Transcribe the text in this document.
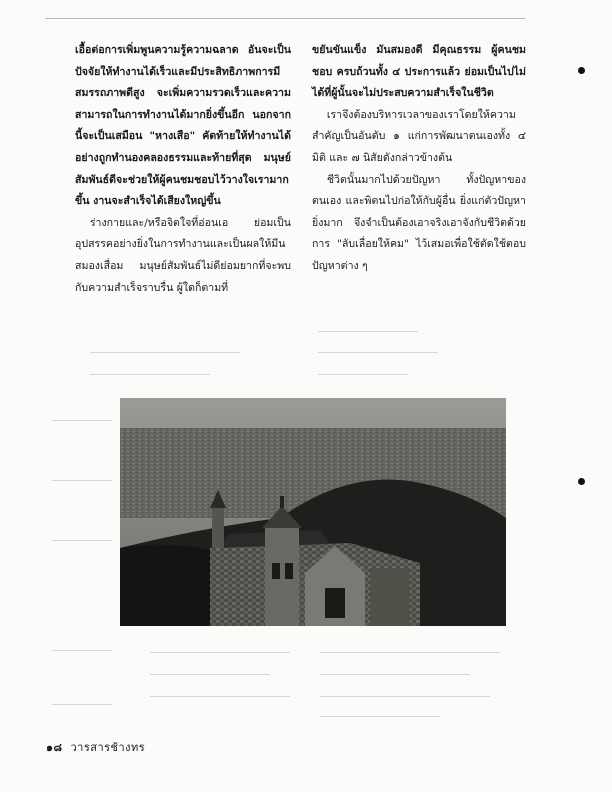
เอื้อต่อการเพิ่มพูนความรู้ความฉลาด อันจะเป็นปัจจัยให้ทำงานได้เร็วและมีประสิทธิภาพการมีสมรรถภาพดีสูง จะเพิ่มความรวดเร็วและความสามารถในการทำงานได้มากยิ่งขึ้นอีก นอกจากนี้จะเป็นเสมือน "หางเสือ" คัดท้ายให้ทำงานได้อย่างถูกทำนองคลองธรรมและท้ายที่สุด มนุษย์สัมพันธ์ดีจะช่วยให้ผู้คนชมชอบไว้วางใจเรามากขึ้น งานจะสำเร็จได้เสียงใหญ่ขึ้น

ร่างกายและ/หรือจิตใจที่อ่อนเอ ย่อมเป็นอุปสรรคอย่างยิ่งในการทำงานและเป็นผลให้มีนสมองเสื่อม มนุษย์สัมพันธ์ไม่ดีย่อมยากที่จะพบกับความสำเร็จราบรื่น ผู้ใดก็ตามที่

ขยันขันแข็ง มันสมองดี มีคุณธรรม ผู้คนชมชอบ ครบถ้วนทั้ง ๔ ประการแล้ว ย่อมเป็นไปไม่ได้ที่ผู้นั้นจะไม่ประสบความสำเร็จในชีวิต

เราจึงต้องบริหารเวลาของเราโดยให้ความสำคัญเป็นอันดับ ๑ แก่การพัฒนาตนเองทั้ง ๔ มิติ และ ๗ นิสัยดังกล่าวข้างต้น

ชีวิตนั้นมากไปด้วยปัญหา ทั้งปัญหาของตนเอง และพิตนไปก่อให้กับผู้อื่น ยิ่งแก่ตัวปัญหายิ่งมาก จึงจำเป็นต้องเอาจริงเอาจังกับชีวิตด้วยการ "ลับเลื่อยให้คม" ไว้เสมอเพื่อใช้ตัดใช้ตอบปัญหาต่าง ๆ

๑๘ วารสารช้างทร
